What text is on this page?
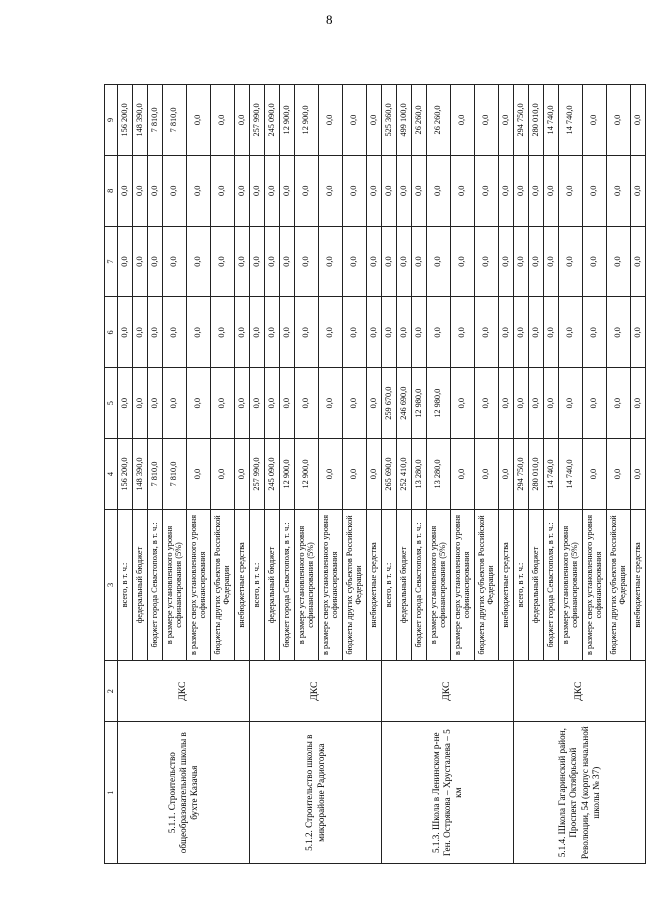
8
1	2	3	4	5	6	7	8	9
5.1.1. Строительство общеобразовательной школы в бухте Казачья	ДКС	всего, в т. ч.:	156 200,0	0,0	0,0	0,0	0,0	156 200,0
		федеральный бюджет	148 390,0	0,0	0,0	0,0	0,0	148 390,0
		бюджет города Севастополя, в т. ч.:	7 810,0	0,0	0,0	0,0	0,0	7 810,0
		в размере установленного уровня софинансирования (5%)	7 810,0	0,0	0,0	0,0	0,0	7 810,0
		в размере сверх установленного уровня софинансирования	0,0	0,0	0,0	0,0	0,0	0,0
		бюджеты других субъектов Российской Федерации	0,0	0,0	0,0	0,0	0,0	0,0
		внебюджетные средства	0,0	0,0	0,0	0,0	0,0	0,0
5.1.2. Строительство школы в микрорайоне Радиогорка	ДКС	всего, в т. ч.:	257 990,0	0,0	0,0	0,0	0,0	257 990,0
		федеральный бюджет	245 090,0	0,0	0,0	0,0	0,0	245 090,0
		бюджет города Севастополя, в т. ч.:	12 900,0	0,0	0,0	0,0	0,0	12 900,0
		в размере установленного уровня софинансирования (5%)	12 900,0	0,0	0,0	0,0	0,0	12 900,0
		в размере сверх установленного уровня софинансирования	0,0	0,0	0,0	0,0	0,0	0,0
		бюджеты других субъектов Российской Федерации	0,0	0,0	0,0	0,0	0,0	0,0
		внебюджетные средства	0,0	0,0	0,0	0,0	0,0	0,0
5.1.3. Школа в Ленинском р-не Ген. Острякова – Хрусталева – 5 км	ДКС	всего, в т. ч.:	265 690,0	259 670,0	0,0	0,0	0,0	525 360,0
		федеральный бюджет	252 410,0	246 690,0	0,0	0,0	0,0	499 100,0
		бюджет города Севастополя, в т. ч.:	13 280,0	12 980,0	0,0	0,0	0,0	26 260,0
		в размере установленного уровня софинансирования (5%)	13 280,0	12 980,0	0,0	0,0	0,0	26 260,0
		в размере сверх установленного уровня софинансирования	0,0	0,0	0,0	0,0	0,0	0,0
		бюджеты других субъектов Российской Федерации	0,0	0,0	0,0	0,0	0,0	0,0
		внебюджетные средства	0,0	0,0	0,0	0,0	0,0	0,0
5.1.4. Школа Гагаринский район, Проспект Октябрьской Революции, 54 (корпус начальной школы № 37)	ДКС	всего, в т. ч.:	294 750,0	0,0	0,0	0,0	0,0	294 750,0
		федеральный бюджет	280 010,0	0,0	0,0	0,0	0,0	280 010,0
		бюджет города Севастополя, в т. ч.:	14 740,0	0,0	0,0	0,0	0,0	14 740,0
		в размере установленного уровня софинансирования (5%)	14 740,0	0,0	0,0	0,0	0,0	14 740,0
		в размере сверх установленного уровня софинансирования	0,0	0,0	0,0	0,0	0,0	0,0
		бюджеты других субъектов Российской Федерации	0,0	0,0	0,0	0,0	0,0	0,0
		внебюджетные средства	0,0	0,0	0,0	0,0	0,0	0,0
